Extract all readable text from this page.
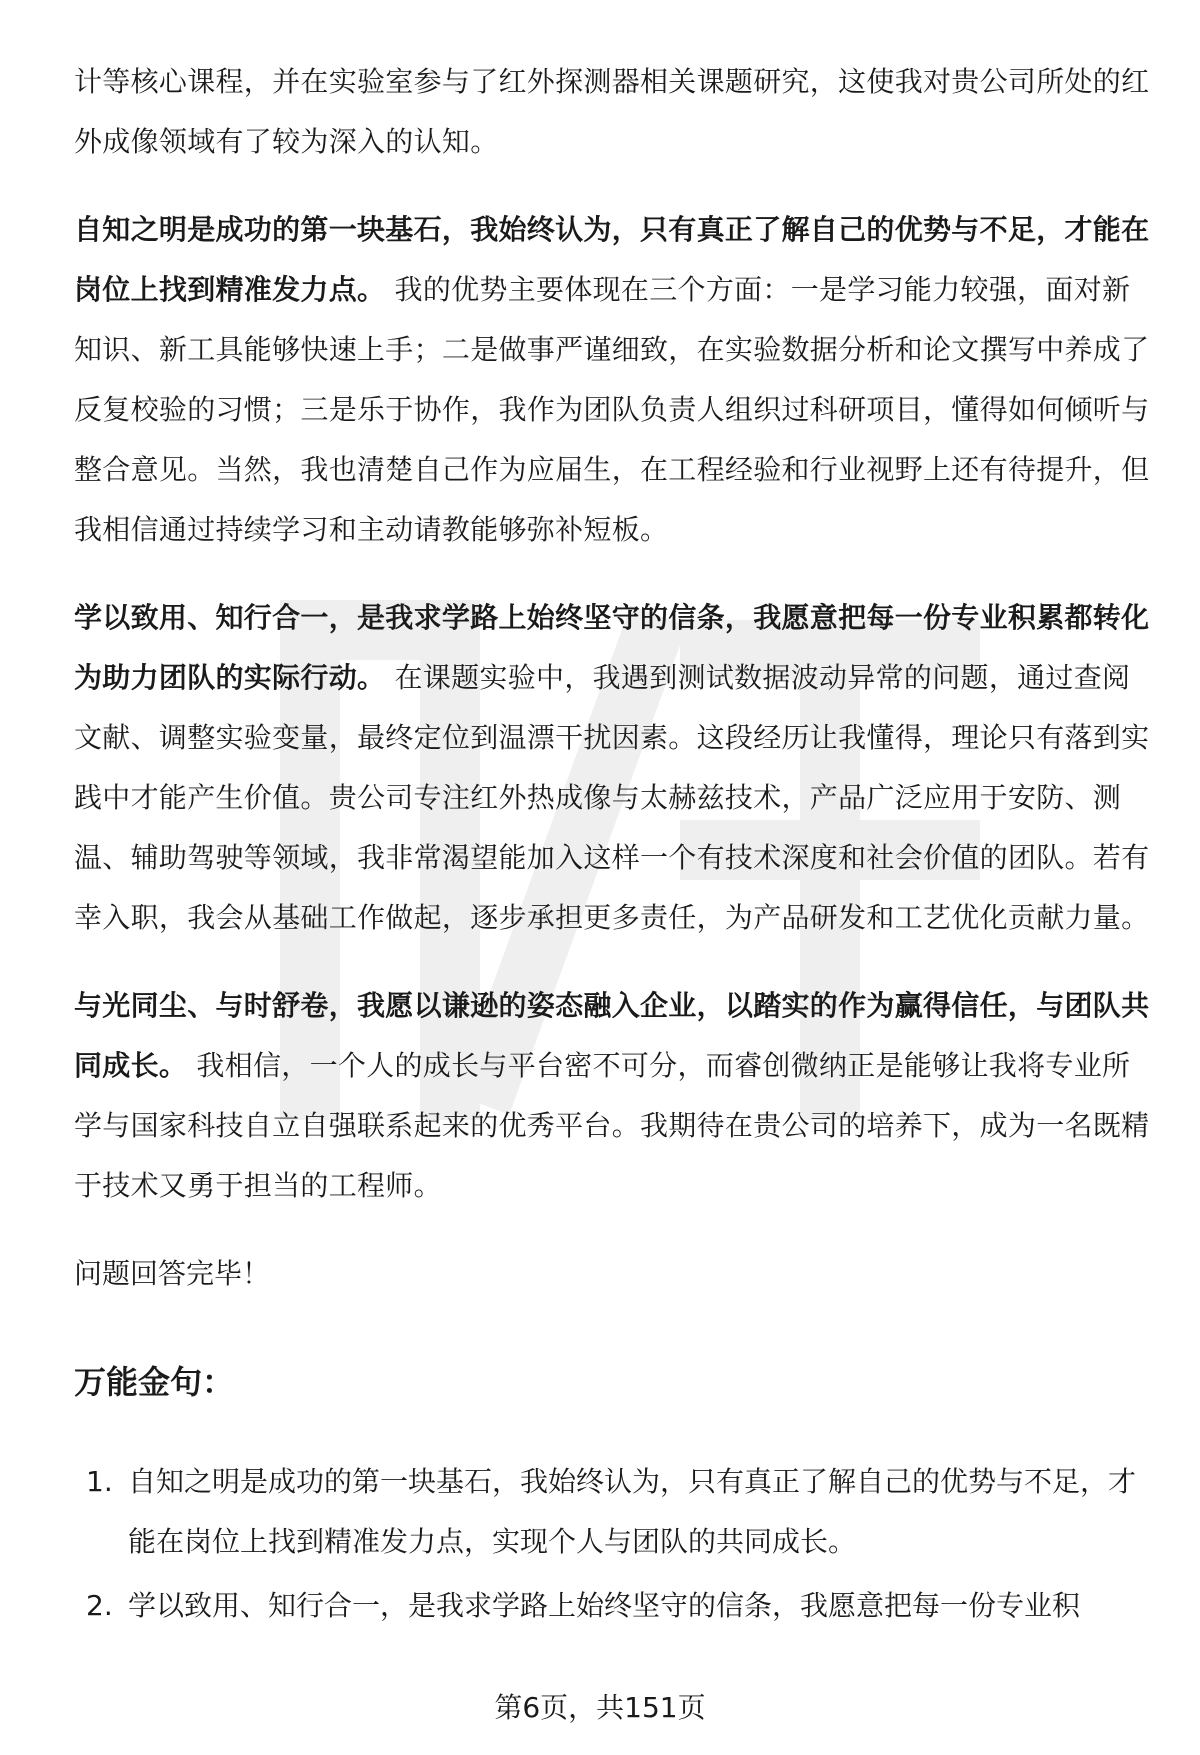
计等核心课程，并在实验室参与了红外探测器相关课题研究，这使我对贵公司所处的红外成像领域有了较为深入的认知。

自知之明是成功的第一块基石，我始终认为，只有真正了解自己的优势与不足，才能在岗位上找到精准发力点。 我的优势主要体现在三个方面：一是学习能力较强，面对新知识、新工具能够快速上手；二是做事严谨细致，在实验数据分析和论文撰写中养成了反复校验的习惯；三是乐于协作，我作为团队负责人组织过科研项目，懂得如何倾听与整合意见。当然，我也清楚自己作为应届生，在工程经验和行业视野上还有待提升，但我相信通过持续学习和主动请教能够弥补短板。

学以致用、知行合一，是我求学路上始终坚守的信条，我愿意把每一份专业积累都转化为助力团队的实际行动。 在课题实验中，我遇到测试数据波动异常的问题，通过查阅文献、调整实验变量，最终定位到温漂干扰因素。这段经历让我懂得，理论只有落到实践中才能产生价值。贵公司专注红外热成像与太赫兹技术，产品广泛应用于安防、测温、辅助驾驶等领域，我非常渴望能加入这样一个有技术深度和社会价值的团队。若有幸入职，我会从基础工作做起，逐步承担更多责任，为产品研发和工艺优化贡献力量。

与光同尘、与时舒卷，我愿以谦逊的姿态融入企业，以踏实的作为赢得信任，与团队共同成长。 我相信，一个人的成长与平台密不可分，而睿创微纳正是能够让我将专业所学与国家科技自立自强联系起来的优秀平台。我期待在贵公司的培养下，成为一名既精于技术又勇于担当的工程师。

问题回答完毕！
万能金句：
1. 自知之明是成功的第一块基石，我始终认为，只有真正了解自己的优势与不足，才能在岗位上找到精准发力点，实现个人与团队的共同成长。
2. 学以致用、知行合一，是我求学路上始终坚守的信条，我愿意把每一份专业积
第6页，共151页
